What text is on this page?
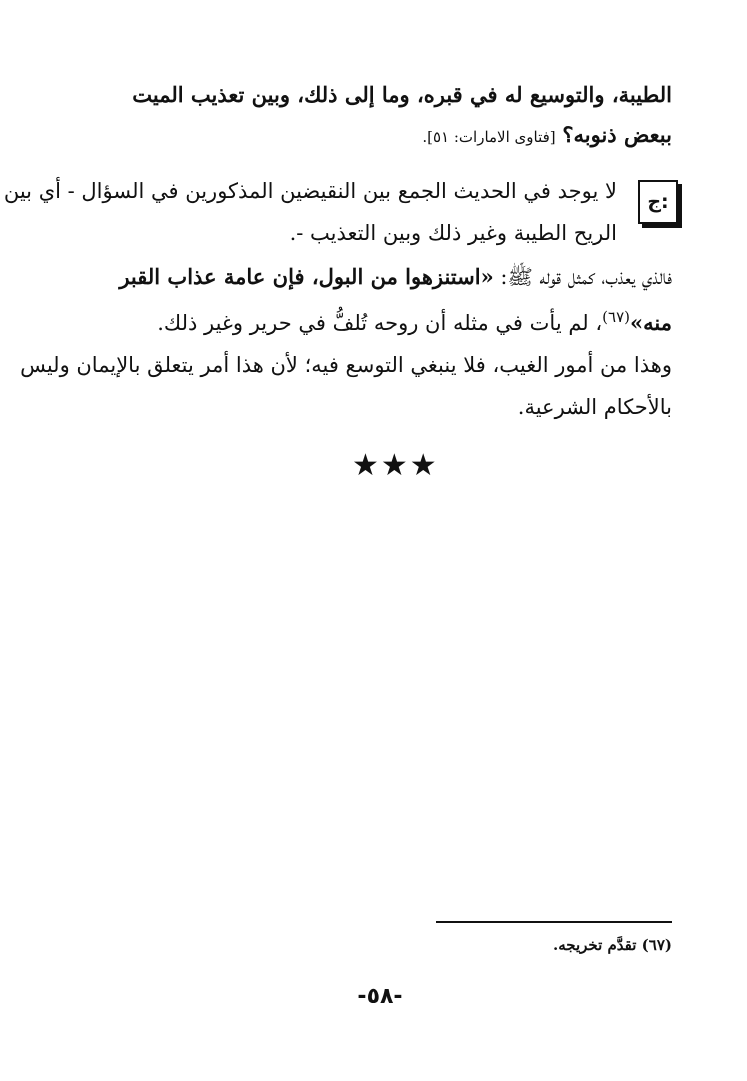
الطيبة، والتوسيع له في قبره، وما إلى ذلك، وبين تعذيب الميت
ببعض ذنوبه؟ [فتاوى الامارات: ٥١].
ج:
لا يوجد في الحديث الجمع بين النقيضين المذكورين في السؤال - أي بين
الريح الطيبة وغير ذلك وبين التعذيب -.
فالذي يعذب، كمثل قوله ﷺ: «استنزهوا من البول، فإن عامة عذاب القبر
منه»$^{(٦٧)}$، لم يأت في مثله أن روحه تُلفُّ في حرير وغير ذلك.
وهذا من أمور الغيب، فلا ينبغي التوسع فيه؛ لأن هذا أمر يتعلق بالإيمان وليس
بالأحكام الشرعية.
★★★
(٦٧) تقدَّم تخريجه.
-٥٨-
